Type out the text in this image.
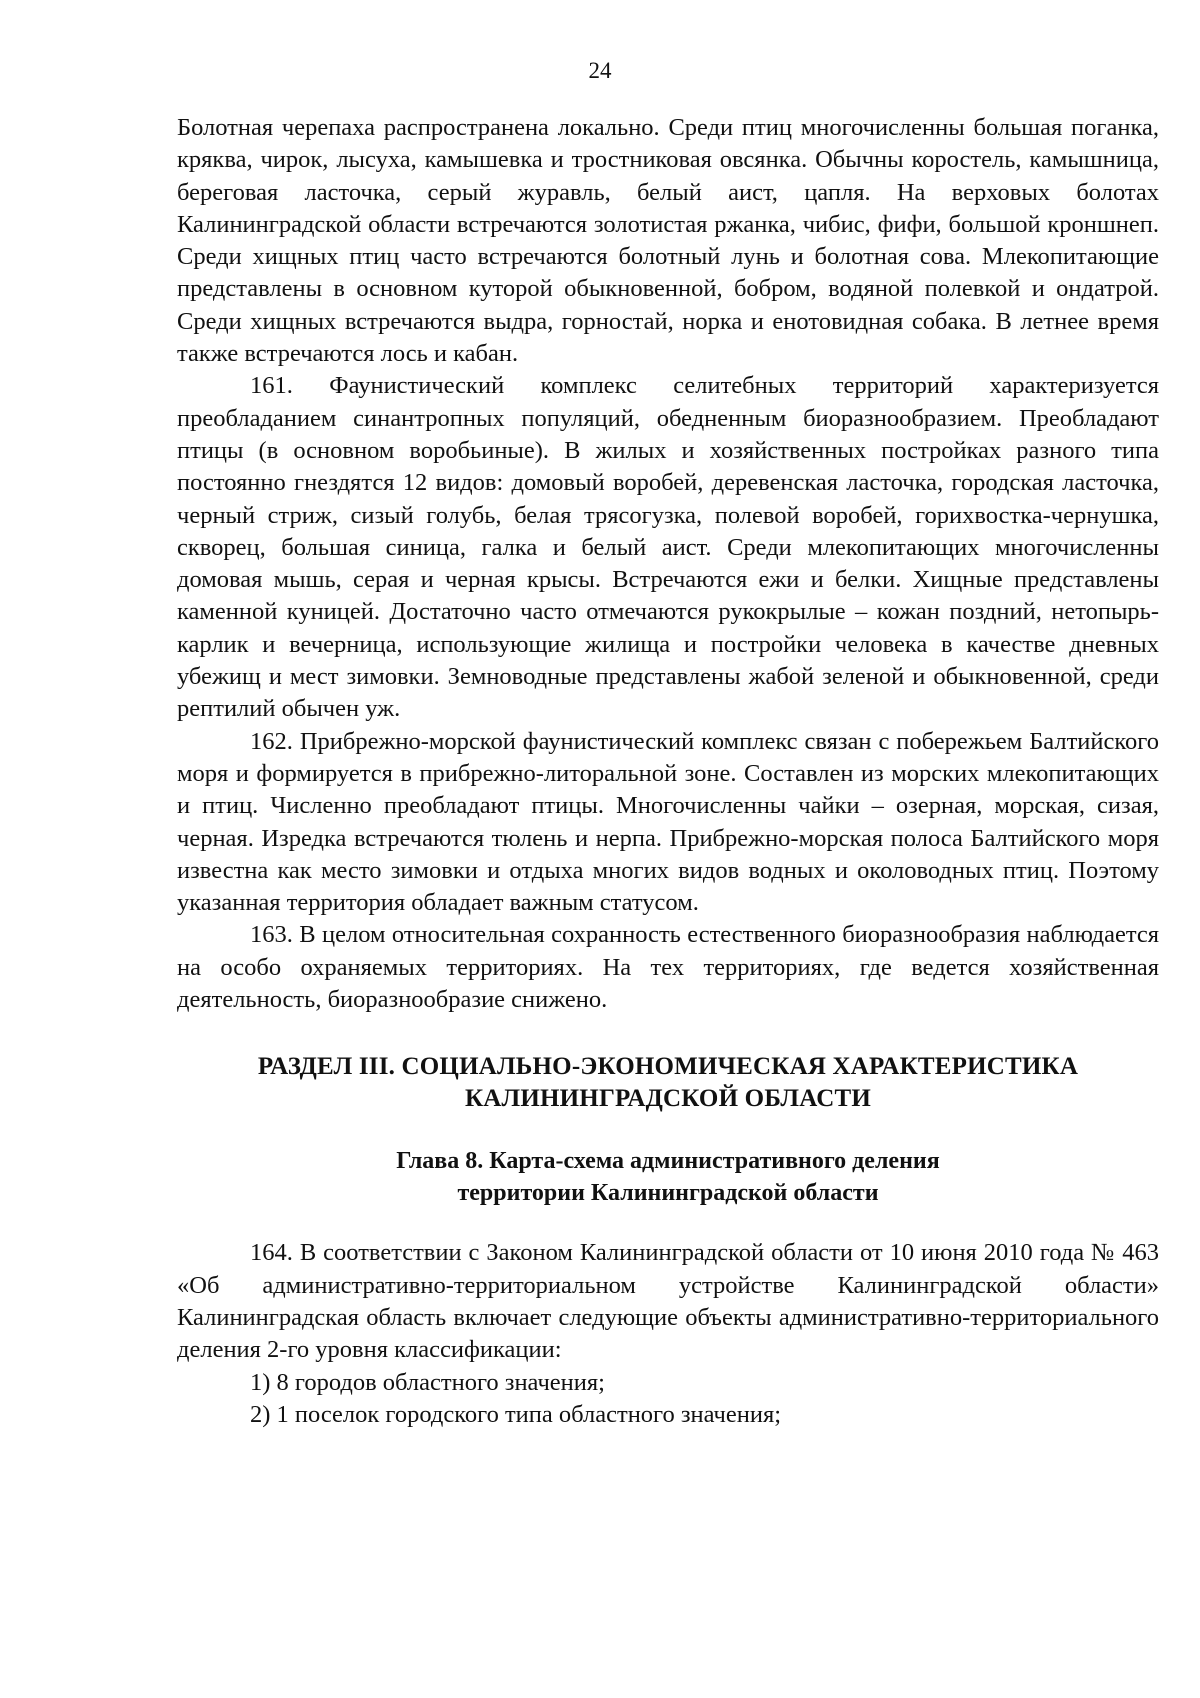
24

Болотная черепаха распространена локально. Среди птиц многочисленны большая поганка, кряква, чирок, лысуха, камышевка и тростниковая овсянка. Обычны коростель, камышница, береговая ласточка, серый журавль, белый аист, цапля. На верховых болотах Калининградской области встречаются золотистая ржанка, чибис, фифи, большой кроншнеп. Среди хищных птиц часто встречаются болотный лунь и болотная сова. Млекопитающие представлены в основном куторой обыкновенной, бобром, водяной полевкой и ондатрой. Среди хищных встречаются выдра, горностай, норка и енотовидная собака. В летнее время также встречаются лось и кабан.

161. Фаунистический комплекс селитебных территорий характеризуется преобладанием синантропных популяций, обедненным биоразнообразием. Преобладают птицы (в основном воробьиные). В жилых и хозяйственных постройках разного типа постоянно гнездятся 12 видов: домовый воробей, деревенская ласточка, городская ласточка, черный стриж, сизый голубь, белая трясогузка, полевой воробей, горихвостка-чернушка, скворец, большая синица, галка и белый аист. Среди млекопитающих многочисленны домовая мышь, серая и черная крысы. Встречаются ежи и белки. Хищные представлены каменной куницей. Достаточно часто отмечаются рукокрылые – кожан поздний, нетопырь-карлик и вечерница, использующие жилища и постройки человека в качестве дневных убежищ и мест зимовки. Земноводные представлены жабой зеленой и обыкновенной, среди рептилий обычен уж.

162. Прибрежно-морской фаунистический комплекс связан с побережьем Балтийского моря и формируется в прибрежно-литоральной зоне. Составлен из морских млекопитающих и птиц. Численно преобладают птицы. Многочисленны чайки – озерная, морская, сизая, черная. Изредка встречаются тюлень и нерпа. Прибрежно-морская полоса Балтийского моря известна как место зимовки и отдыха многих видов водных и околоводных птиц. Поэтому указанная территория обладает важным статусом.

163. В целом относительная сохранность естественного биоразнообразия наблюдается на особо охраняемых территориях. На тех территориях, где ведется хозяйственная деятельность, биоразнообразие снижено.

РАЗДЕЛ III. СОЦИАЛЬНО-ЭКОНОМИЧЕСКАЯ ХАРАКТЕРИСТИКА
КАЛИНИНГРАДСКОЙ ОБЛАСТИ
Глава 8. Карта-схема административного деления
территории Калининградской области

164. В соответствии с Законом Калининградской области от 10 июня 2010 года № 463 «Об административно-территориальном устройстве Калининградской области» Калининградская область включает следующие объекты административно-территориального деления 2-го уровня классификации:

1) 8 городов областного значения;

2) 1 поселок городского типа областного значения;
